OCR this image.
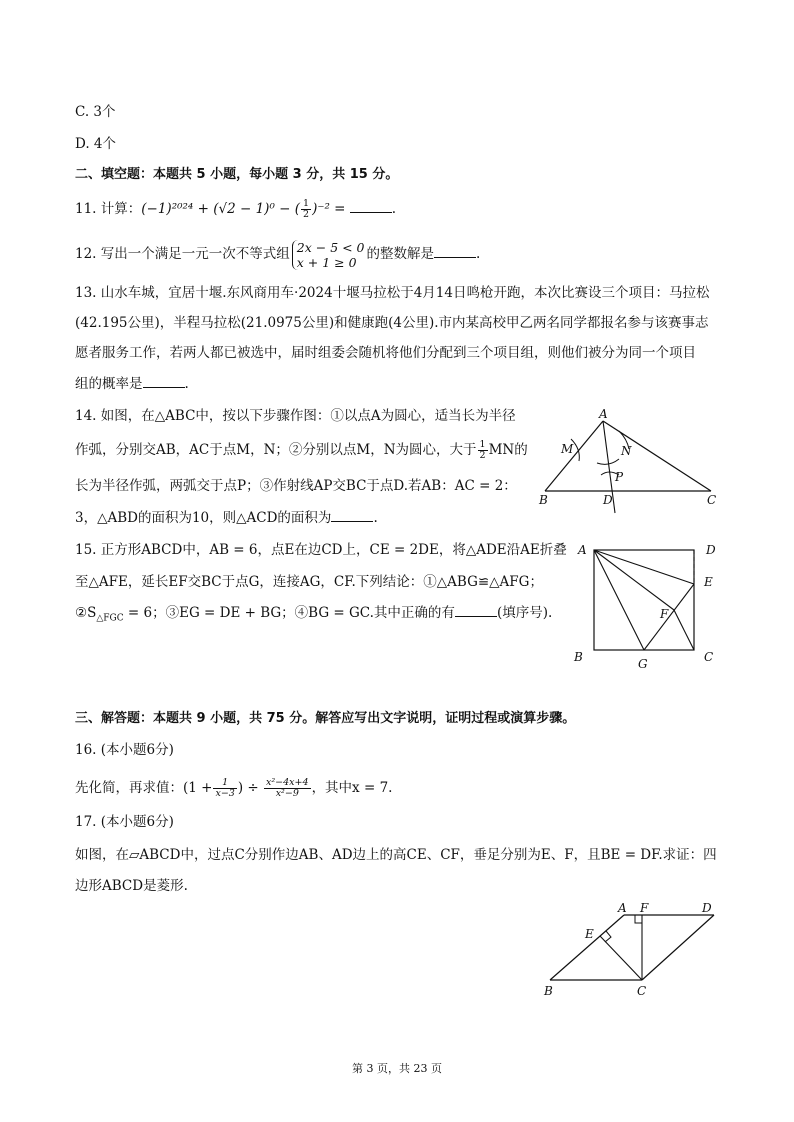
C. 3个
D. 4个
二、填空题：本题共 5 小题，每小题 3 分，共 15 分。
11. 计算：(−1)²⁰²⁴ + (√2 − 1)⁰ − ( $\frac{1}{2} )^{-2}$ =	.
12. 写出一个满足一元一次不等式组 2x − 5 < 0
x + 1 ≥ 0 的整数解是	.
13. 山水车城，宜居十堰.东风商用车·2024十堰马拉松于4月14日鸣枪开跑，本次比赛设三个项目：马拉松
(42.195公里)，半程马拉松(21.0975公里)和健康跑(4公里).市内某高校甲乙两名同学都报名参与该赛事志
愿者服务工作，若两人都已被选中，届时组委会随机将他们分配到三个项目组，则他们被分为同一个项目
组的概率是	.
14. 如图，在△ABC中，按以下步骤作图：①以点A为圆心，适当长为半径
作弧，分别交AB，AC于点M，N；②分别以点M，N为圆心，大于 $\frac{1}{2}$ MN的
长为半径作弧，两弧交于点P；③作射线AP交BC于点D.若AB：AC = 2：
3，△ABD的面积为10，则△ACD的面积为	.
A
B	C
D
M	N
P
15. 正方形ABCD中，AB = 6，点E在边CD上，CE = 2DE，将△ADE沿AE折叠
至△AFE，延长EF交BC于点G，连接AG，CF.下列结论：①△ABG≌△AFG；
$②S_{\triangle FGC} = 6$；③EG = DE + BG；④BG = GC.其中正确的有	(填序号).
A	D
E
F
B	C
G
三、解答题：本题共 9 小题，共 75 分。解答应写出文字说明，证明过程或演算步骤。
16. (本小题6分)
先化简，再求值：($1 + \frac{1}{x-3}$ ) ÷ $\frac{\text{x²−4x+4}}{\text{x²−9}}$ ，其中x = 7.
17. (本小题6分)
如图，在▱ABCD中，过点C分别作边AB、AD边上的高CE、CF，垂足分别为E、F，且BE = DF.求证：四
边形ABCD是菱形.
A F	D
E
B	C
第 3 页，共 23 页
